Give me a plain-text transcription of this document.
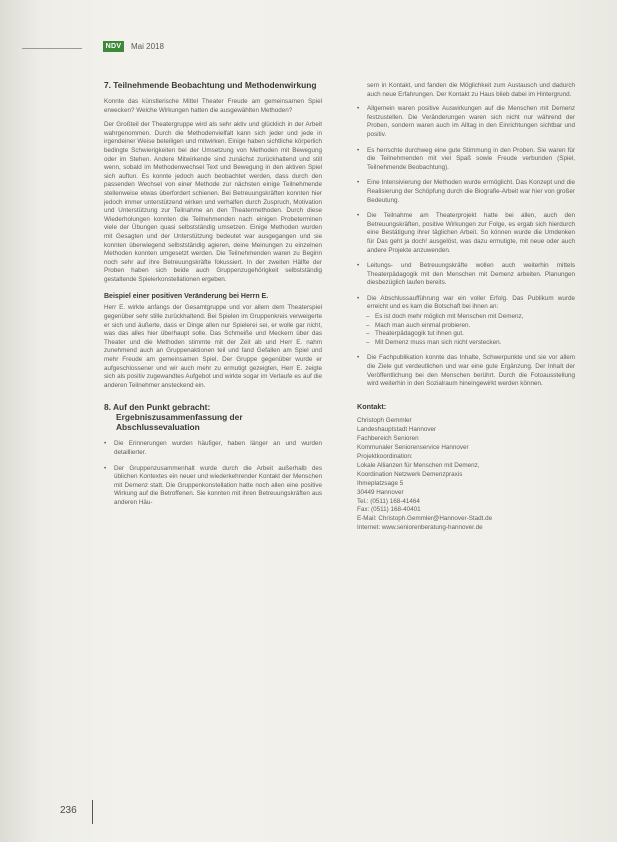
NDV	Mai 2018
7. Teilnehmende Beobachtung und Methodenwirkung

Konnte das künstlerische Mittel Theater Freude am gemeinsamen Spiel erwecken? Welche Wirkungen hatten die ausgewählten Methoden?

Der Großteil der Theatergruppe wird als sehr aktiv und glücklich in der Arbeit wahrgenommen. Durch die Methodenvielfalt kann sich jeder und jede in irgendeiner Weise beteiligen und mitwirken. Einige haben sichtliche körperlich bedingte Schwierigkeiten bei der Umsetzung von Methoden mit Bewegung oder im Stehen. Andere Mitwirkende sind zunächst zurückhaltend und still wenn, sobald im Methodenwechsel Text und Bewegung in den aktiven Spiel sich auftun. Es konnte jedoch auch beobachtet werden, dass durch den passenden Wechsel von einer Methode zur nächsten einige Teilnehmende stellenweise etwas überfordert schienen. Bei Betreuungskräften konnten hier jedoch immer unterstützend wirken und verhalfen durch Zuspruch, Motivation und Unterstützung zur Teilnahme an den Theatermethoden. Durch diese Wiederholungen konnten die Teilnehmenden nach einigen Probeterminen viele der Übungen quasi selbstständig umsetzen. Einige Methoden wurden mit Gesagten und der Unterstützung bedeutet war ausgegangen und sie konnten überwiegend selbstständig agieren, deine Meinungen zu einzelnen Methoden konnten umgesetzt werden. Die Teilnehmenden waren zu Beginn noch sehr auf ihre Betreuungskräfte fokussiert. In der zweiten Hälfte der Proben haben sich beide auch Gruppenzugehörigkeit selbstständig gestaltende Spielerkonstellationen ergeben.

Beispiel einer positiven Veränderung bei Herrn E.

Herr E. wirkte anfangs der Gesamtgruppe und vor allem dem Theaterspiel gegenüber sehr stille zurückhaltend. Bei Spielen im Gruppenkreis verweigerte er sich und äußerte, dass er Dinge allen nur Spielerei sei, er wolle gar nicht, was das alles hier überhaupt solle. Das Schmeiße und Meckern über das Theater und die Methoden stimmte mit der Zeit ab und Herr E. nahm zunehmend auch an Gruppenaktionen teil und fand Gefallen am Spiel und mehr Freude am gemeinsamen Spiel. Der Gruppe gegenüber wurde er aufgeschlossener und wir auch mehr zu ermutigt gezeigten, Herr E. zeigte sich als positiv zugewandtes Aufgebot und wirkte sogar im Verlaufe es auf die anderen Teilnehmer ansteckend ein.

8. Auf den Punkt gebracht: Ergebniszusammenfassung der Abschlussevaluation
• Die Erinnerungen wurden häufiger, haben länger an und wurden detaillierter.
• Der Gruppenzusammenhalt wurde durch die Arbeit außerhalb des üblichen Kontextes ein neuer und wiederkehrender Kontakt der Menschen mit Demenz statt. Die Gruppenkonstellation hatte noch allen eine positive Wirkung auf die Betroffenen. Sie konnten mit ihren Betreuungskräften aus anderen Häu-

sern in Kontakt, und fanden die Möglichkeit zum Austausch und dadurch auch neue Erfahrungen. Der Kontakt zu Haus blieb dabei im Hintergrund.

• Allgemein waren positive Auswirkungen auf die Menschen mit Demenz festzustellen. Die Veränderungen waren sich nicht nur während der Proben, sondern waren auch im Alltag in den Einrichtungen sichtbar und positiv.
• Es herrschte durchweg eine gute Stimmung in den Proben. Sie waren für die Teilnehmenden mit viel Spaß sowie Freude verbunden (Spiel, Teilnehmende Beobachtung).
• Eine Intensivierung der Methoden wurde ermöglicht. Das Konzept und die Realisierung der Schöpfung durch die Biografie-Arbeit war hier von großer Bedeutung.
• Die Teilnahme am Theaterprojekt hatte bei allen, auch den Betreuungskräften, positive Wirkungen zur Folge, es ergab sich hierdurch eine Bestätigung ihrer täglichen Arbeit. So können wurde die Umdenken für Das geht ja doch! ausgelöst, was dazu ermutigte, mit neue oder auch andere Projekte anzuwenden.
• Leitungs- und Betreuungskräfte wollen auch weiterhin mittels Theaterpädagogik mit den Menschen mit Demenz arbeiten. Planungen diesbezüglich laufen bereits.
• Die Abschlussaufführung war ein voller Erfolg. Das Publikum wurde erreicht und es kam die Botschaft bei ihnen an:
– Es ist doch mehr möglich mit Menschen mit Demenz,
– Mach man auch einmal probieren.
– Theaterpädagogik tut ihnen gut.
– Mit Demenz muss man sich nicht verstecken.
• Die Fachpublikation konnte das Inhalte, Schwerpunkte und sie vor allem die Ziele gut verdeutlichen und war eine gute Ergänzung. Der Inhalt der Veröffentlichung bei den Menschen berührt. Durch die Fotoausstellung wird weiterhin in den Sozialraum hineingewirkt werden können.
Kontakt:

Christoph Gemmler

Landeshauptstadt Hannover

Fachbereich Senioren

Kommunaler Seniorenservice Hannover

Projektkoordination:

Lokale Allianzen für Menschen mit Demenz,

Koordination Netzwerk Demenzpraxis

Ihmeplatzsage 5

30449 Hannover

Tel.: (0511) 168-41464

Fax: (0511) 168-40401

E-Mail: Christoph.Gemmler@Hannover-Stadt.de

Internet: www.seniorenberatung-hannover.de

236
